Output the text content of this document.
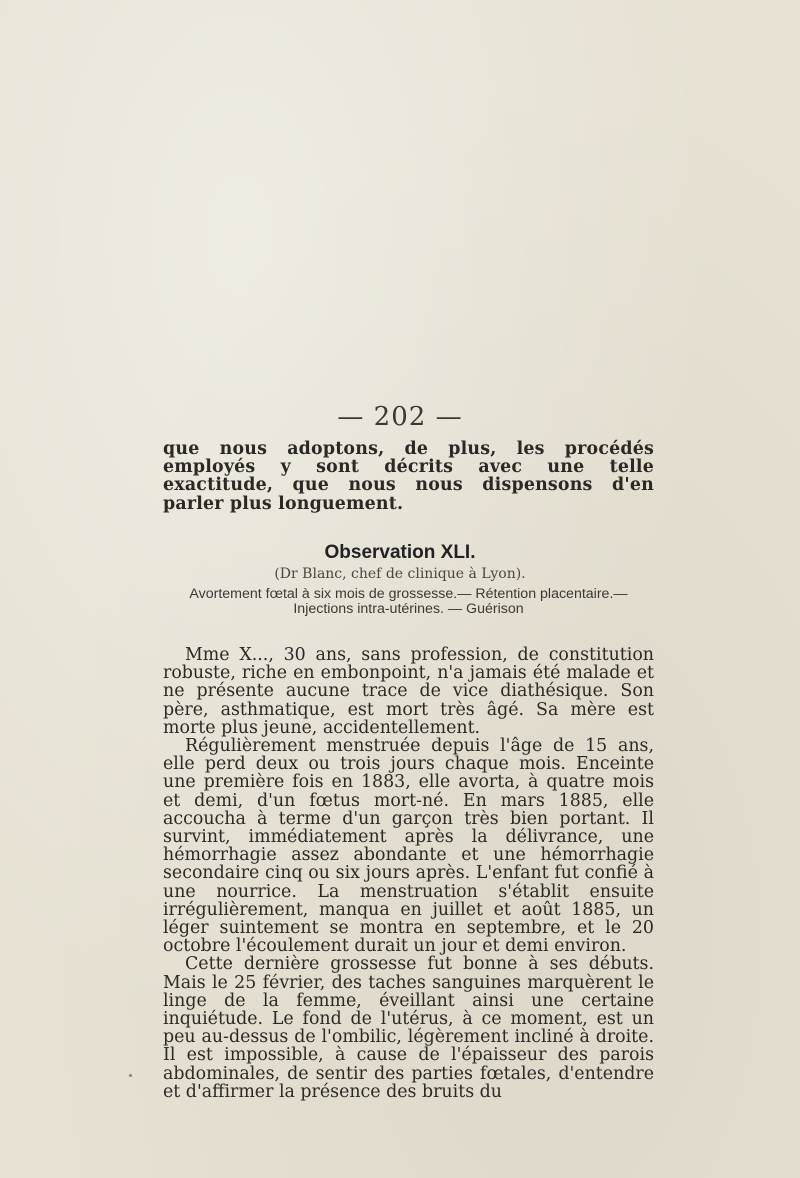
— 202 —

que nous adoptons, de plus, les procédés employés y sont décrits avec une telle exactitude, que nous nous dispensons d'en parler plus longuement.

Observation XLI.
(Dr Blanc, chef de clinique à Lyon).
Avortement fœtal à six mois de grossesse.— Rétention placentaire.— Injections intra-utérines. — Guérison

Mme X..., 30 ans, sans profession, de constitution robuste, riche en embonpoint, n'a jamais été malade et ne présente aucune trace de vice diathésique. Son père, asthmatique, est mort très âgé. Sa mère est morte plus jeune, accidentellement.

Régulièrement menstruée depuis l'âge de 15 ans, elle perd deux ou trois jours chaque mois. Enceinte une première fois en 1883, elle avorta, à quatre mois et demi, d'un fœtus mort-né. En mars 1885, elle accoucha à terme d'un garçon très bien portant. Il survint, immédiatement après la délivrance, une hémorrhagie assez abondante et une hémorrhagie secondaire cinq ou six jours après. L'enfant fut confié à une nourrice. La menstruation s'établit ensuite irrégulièrement, manqua en juillet et août 1885, un léger suintement se montra en septembre, et le 20 octobre l'écoulement durait un jour et demi environ.

Cette dernière grossesse fut bonne à ses débuts. Mais le 25 février, des taches sanguines marquèrent le linge de la femme, éveillant ainsi une certaine inquiétude. Le fond de l'utérus, à ce moment, est un peu au-dessus de l'ombilic, légèrement incliné à droite. Il est impossible, à cause de l'épaisseur des parois abdominales, de sentir des parties fœtales, d'entendre et d'affirmer la présence des bruits du
